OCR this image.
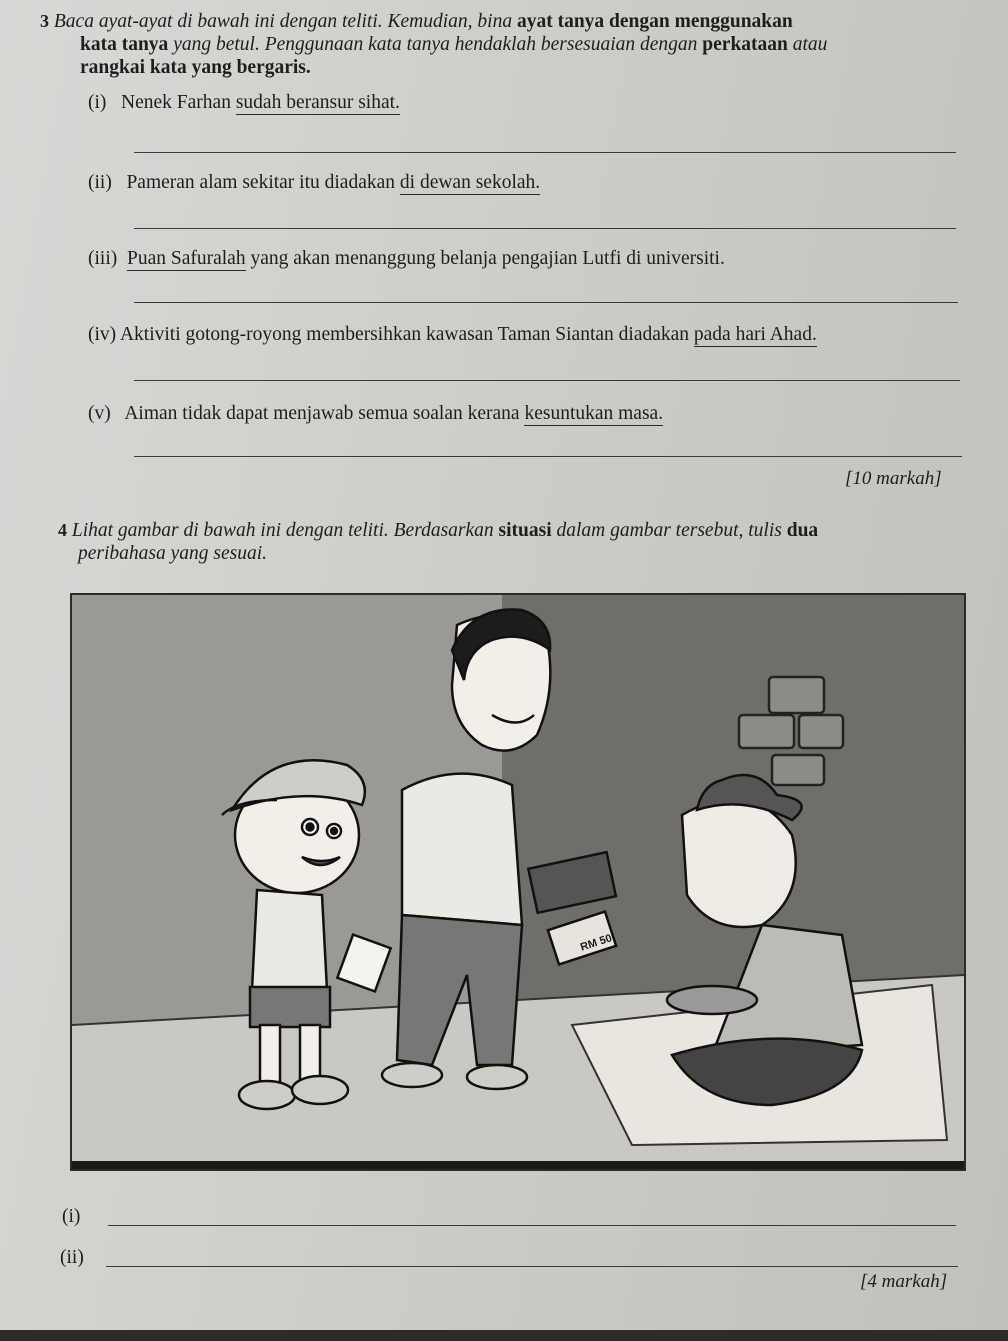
3 Baca ayat-ayat di bawah ini dengan teliti. Kemudian, bina ayat tanya dengan menggunakan
kata tanya yang betul. Penggunaan kata tanya hendaklah bersesuaian dengan perkataan atau
rangkai kata yang bergaris.
(i) Nenek Farhan sudah beransur sihat.
(ii) Pameran alam sekitar itu diadakan di dewan sekolah.
(iii) Puan Safuralah yang akan menanggung belanja pengajian Lutfi di universiti.
(iv) Aktiviti gotong-royong membersihkan kawasan Taman Siantan diadakan pada hari Ahad.
(v) Aiman tidak dapat menjawab semua soalan kerana kesuntukan masa.
[10 markah]
4 Lihat gambar di bawah ini dengan teliti. Berdasarkan situasi dalam gambar tersebut, tulis dua
peribahasa yang sesuai.
RM 50
(i)
(ii)
[4 markah]
